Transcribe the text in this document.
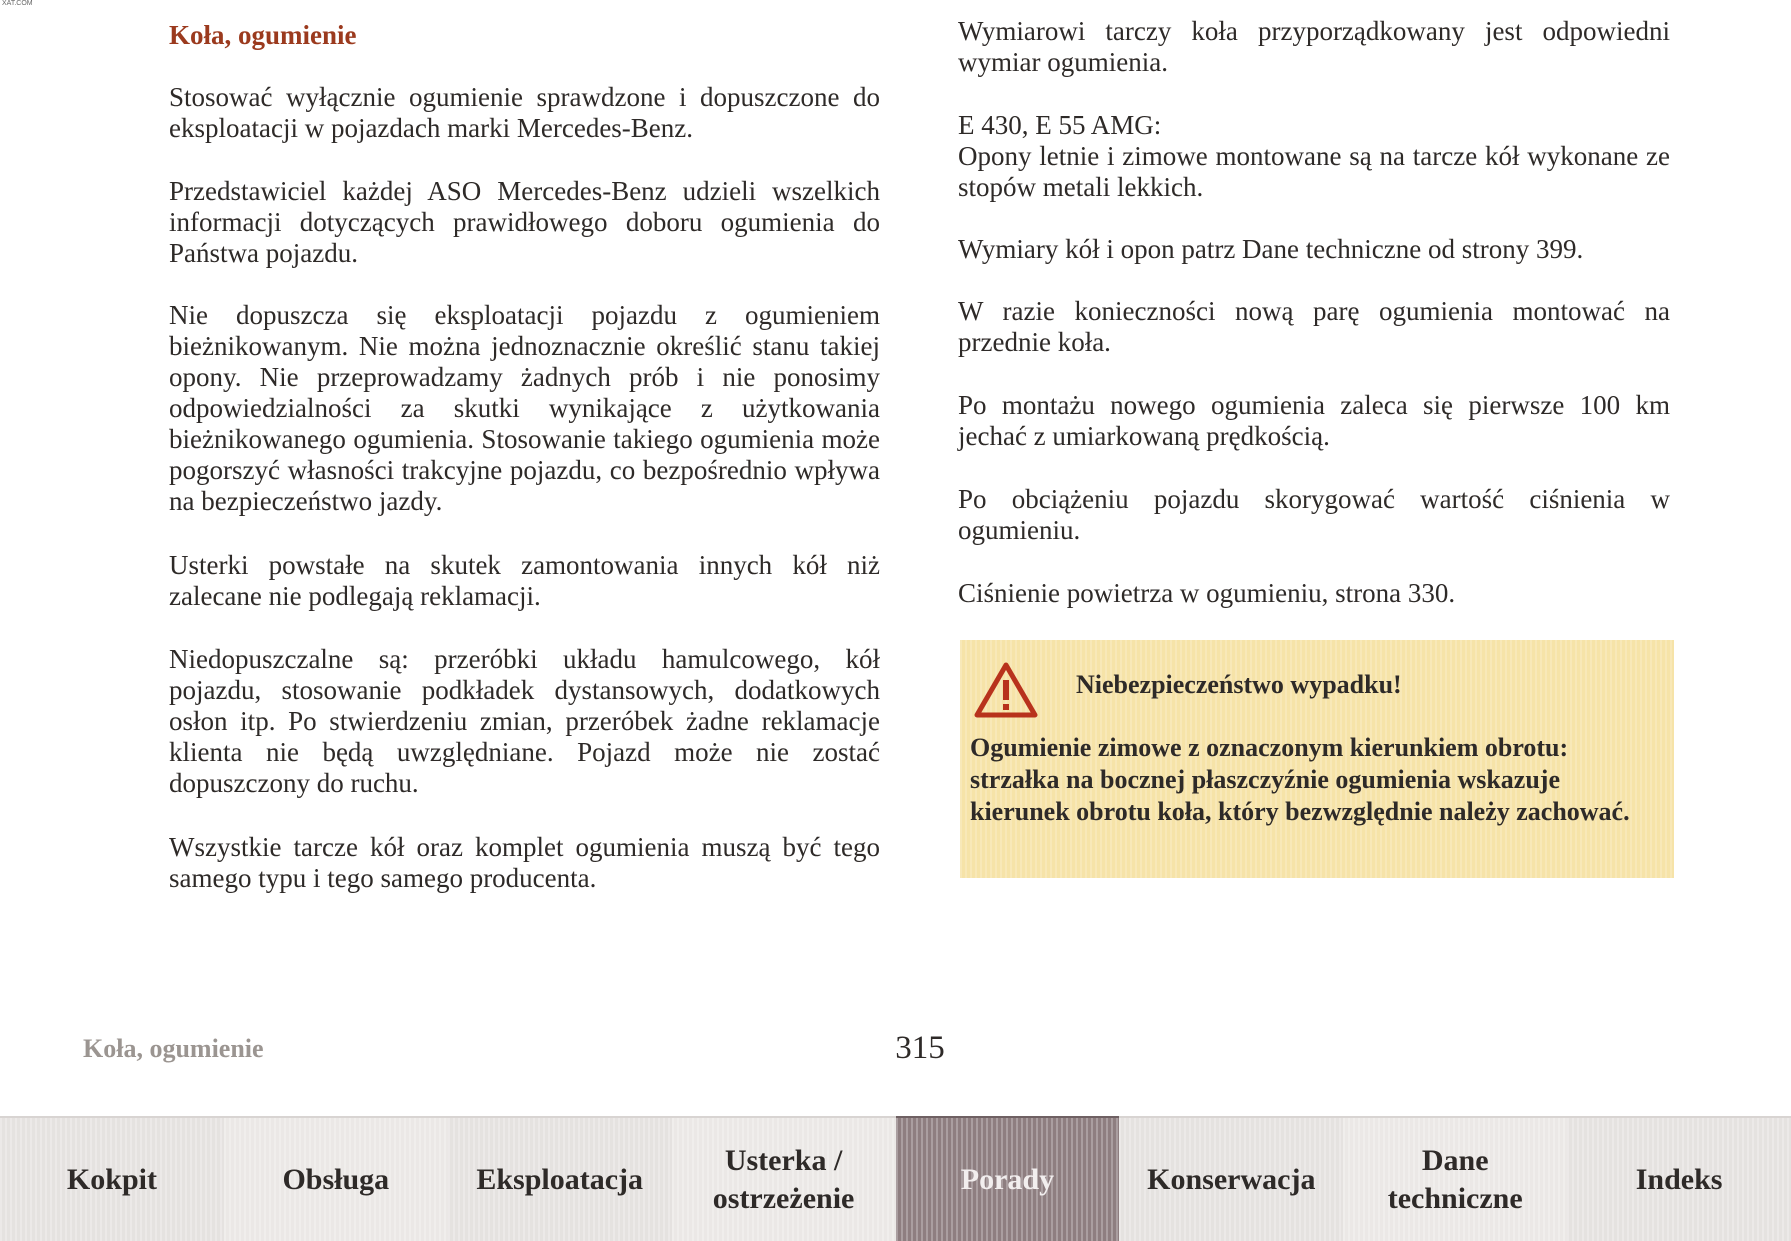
XAT.COM
Koła, ogumienie

Stosować wyłącznie ogumienie sprawdzone i dopuszczone do eksploatacji w pojazdach marki Mercedes-Benz.

Przedstawiciel każdej ASO Mercedes-Benz udzieli wszelkich informacji dotyczących prawidłowego doboru ogumienia do Państwa pojazdu.

Nie dopuszcza się eksploatacji pojazdu z ogumieniem bieżnikowanym. Nie można jednoznacznie określić stanu takiej opony. Nie przeprowadzamy żadnych prób i nie ponosimy odpowiedzialności za skutki wynikające z użytkowania bieżnikowanego ogumienia. Stosowanie takiego ogumienia może pogorszyć własności trakcyjne pojazdu, co bezpośrednio wpływa na bezpieczeństwo jazdy.

Usterki powstałe na skutek zamontowania innych kół niż zalecane nie podlegają reklamacji.

Niedopuszczalne są: przeróbki układu hamulcowego, kół pojazdu, stosowanie podkładek dystansowych, dodatkowych osłon itp. Po stwierdzeniu zmian, przeróbek żadne reklamacje klienta nie będą uwzględniane. Pojazd może nie zostać dopuszczony do ruchu.

Wszystkie tarcze kół oraz komplet ogumienia muszą być tego samego typu i tego samego producenta.

Wymiarowi tarczy koła przyporządkowany jest odpowiedni wymiar ogumienia.

E 430, E 55 AMG:

Opony letnie i zimowe montowane są na tarcze kół wykonane ze stopów metali lekkich.

Wymiary kół i opon patrz Dane techniczne od strony 399.

W razie konieczności nową parę ogumienia montować na przednie koła.

Po montażu nowego ogumienia zaleca się pierwsze 100 km jechać z umiarkowaną prędkością.

Po obciążeniu pojazdu skorygować wartość ciśnienia w ogumieniu.

Ciśnienie powietrza w ogumieniu, strona 330.

Niebezpieczeństwo wypadku!

Ogumienie zimowe z oznaczonym kierunkiem obrotu: strzałka na bocznej płaszczyźnie ogumienia wskazuje kierunek obrotu koła, który bezwzględnie należy zachować.

Koła, ogumienie	315
Kokpit	Obsługa	Eksploatacja
Usterka /
ostrzeżenie
Porady	Konserwacja
Dane
techniczne
Indeks
